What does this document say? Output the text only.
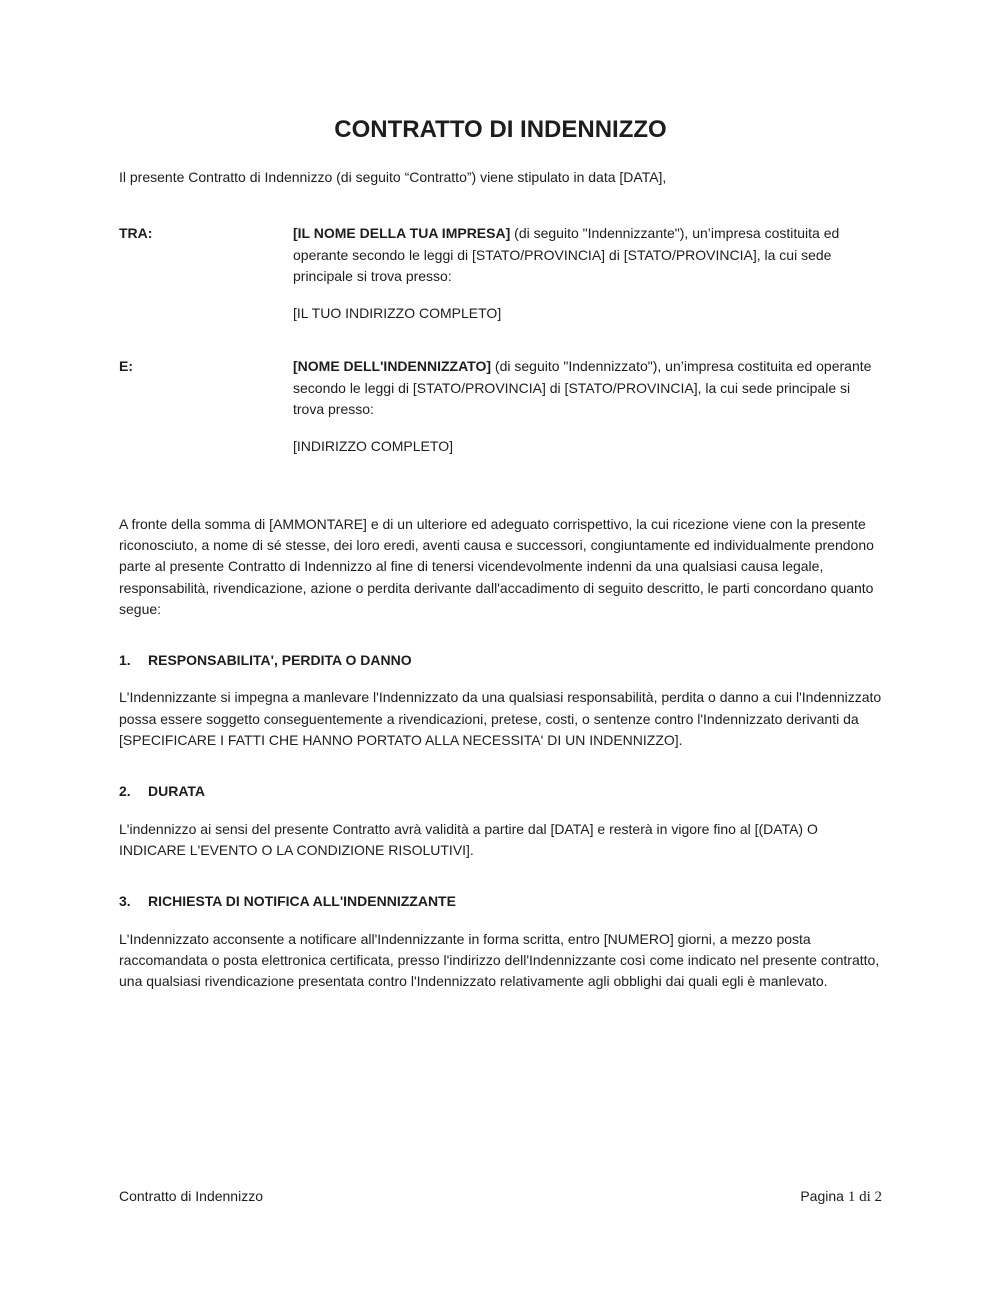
CONTRATTO DI INDENNIZZO

Il presente Contratto di Indennizzo (di seguito “Contratto”) viene stipulato in data [DATA],

TRA:	[IL NOME DELLA TUA IMPRESA] (di seguito "Indennizzante"), un’impresa costituita ed operante secondo le leggi di [STATO/PROVINCIA] di [STATO/PROVINCIA], la cui sede principale si trova presso:

[IL TUO INDIRIZZO COMPLETO]

E:	[NOME DELL'INDENNIZZATO] (di seguito "Indennizzato"), un’impresa costituita ed operante secondo le leggi di [STATO/PROVINCIA] di [STATO/PROVINCIA], la cui sede principale si trova presso:

[INDIRIZZO COMPLETO]

A fronte della somma di [AMMONTARE] e di un ulteriore ed adeguato corrispettivo, la cui ricezione viene con la presente riconosciuto, a nome di sé stesse, dei loro eredi, aventi causa e successori, congiuntamente ed individualmente prendono parte al presente Contratto di Indennizzo al fine di tenersi vicendevolmente indenni da una qualsiasi causa legale, responsabilità, rivendicazione, azione o perdita derivante dall'accadimento di seguito descritto, le parti concordano quanto segue:

1.	RESPONSABILITA', PERDITA O DANNO

L'Indennizzante si impegna a manlevare l'Indennizzato da una qualsiasi responsabilità, perdita o danno a cui l'Indennizzato possa essere soggetto conseguentemente a rivendicazioni, pretese, costi, o sentenze contro l'Indennizzato derivanti da [SPECIFICARE I FATTI CHE HANNO PORTATO ALLA NECESSITA' DI UN INDENNIZZO].

2.	DURATA

L'indennizzo ai sensi del presente Contratto avrà validità a partire dal [DATA] e resterà in vigore fino al [(DATA) O INDICARE L'EVENTO O LA CONDIZIONE RISOLUTIVI].

3.	RICHIESTA DI NOTIFICA ALL'INDENNIZZANTE

L'Indennizzato acconsente a notificare all'Indennizzante in forma scritta, entro [NUMERO] giorni, a mezzo posta raccomandata o posta elettronica certificata, presso l'indirizzo dell'Indennizzante così come indicato nel presente contratto, una qualsiasi rivendicazione presentata contro l'Indennizzato relativamente agli obblighi dai quali egli è manlevato.

Contratto di Indennizzo	Pagina 1 di 2
